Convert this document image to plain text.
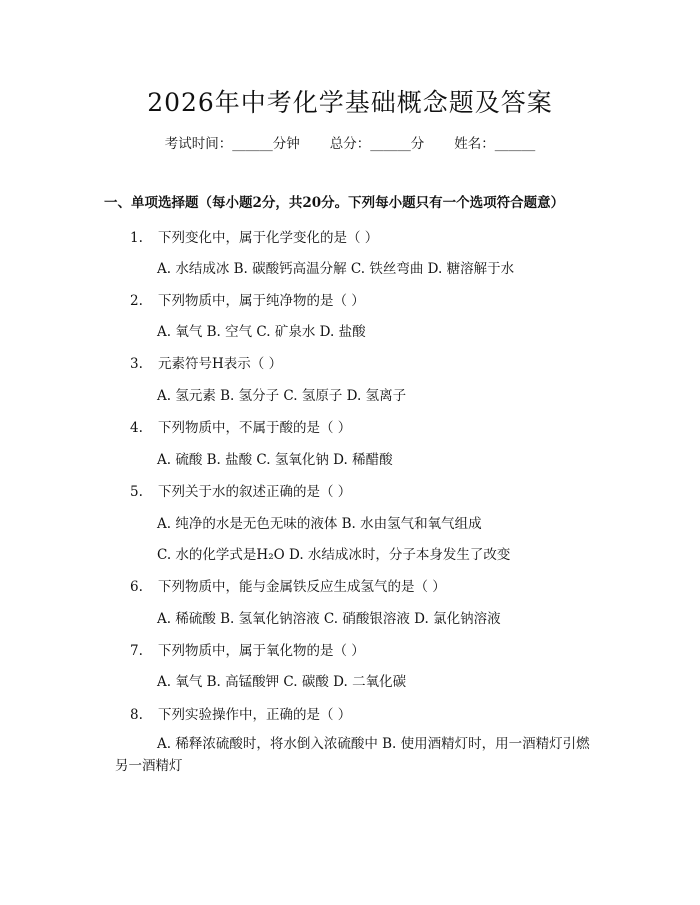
2026年中考化学基础概念题及答案
考试时间：______分钟 总分：______分 姓名：______
一、单项选择题（每小题2分，共20分。下列每小题只有一个选项符合题意）
1. 下列变化中，属于化学变化的是（ ）
A. 水结成冰 B. 碳酸钙高温分解 C. 铁丝弯曲 D. 糖溶解于水
2. 下列物质中，属于纯净物的是（ ）
A. 氧气 B. 空气 C. 矿泉水 D. 盐酸
3. 元素符号H表示（ ）
A. 氢元素 B. 氢分子 C. 氢原子 D. 氢离子
4. 下列物质中，不属于酸的是（ ）
A. 硫酸 B. 盐酸 C. 氢氧化钠 D. 稀醋酸
5. 下列关于水的叙述正确的是（ ）
A. 纯净的水是无色无味的液体 B. 水由氢气和氧气组成
C. 水的化学式是H₂O D. 水结成冰时，分子本身发生了改变
6. 下列物质中，能与金属铁反应生成氢气的是（ ）
A. 稀硫酸 B. 氢氧化钠溶液 C. 硝酸银溶液 D. 氯化钠溶液
7. 下列物质中，属于氧化物的是（ ）
A. 氧气 B. 高锰酸钾 C. 碳酸 D. 二氧化碳
8. 下列实验操作中，正确的是（ ）
A. 稀释浓硫酸时，将水倒入浓硫酸中 B. 使用酒精灯时，用一酒精灯引燃另一酒精灯
